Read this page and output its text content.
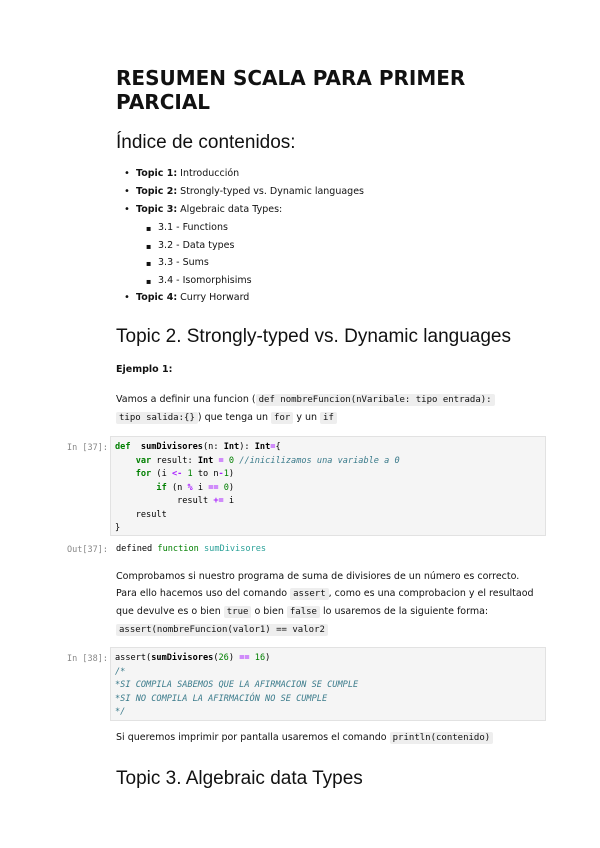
RESUMEN SCALA PARA PRIMER PARCIAL
Índice de contenidos:
• Topic 1: Introducción
• Topic 2: Strongly-typed vs. Dynamic languages
• Topic 3: Algebraic data Types:
▪ 3.1 - Functions
▪ 3.2 - Data types
▪ 3.3 - Sums
▪ 3.4 - Isomorphisims
• Topic 4: Curry Horward
Topic 2. Strongly-typed vs. Dynamic languages
Ejemplo 1:
Vamos a definir una funcion ( def nombreFuncion(nVaribale: tipo entrada):
tipo salida:{} ) que tenga un for y un if
In [37]: def sumDivisores(n: Int): Int={
var result: Int = 0 //inicilizamos una variable a 0
for (i <- 1 to n-1)
if (n % i == 0)
result += i
result
}
Out[37]: defined function sumDivisores
Comprobamos si nuestro programa de suma de divisiores de un número es correcto.
Para ello hacemos uso del comando assert , como es una comprobacion y el resultaod
que devulve es o bien true o bien false lo usaremos de la siguiente forma:
assert(nombreFuncion(valor1) == valor2
In [38]: assert(sumDivisores(26) == 16)
/*
*SI COMPILA SABEMOS QUE LA AFIRMACION SE CUMPLE
*SI NO COMPILA LA AFIRMACIÓN NO SE CUMPLE
*/
Si queremos imprimir por pantalla usaremos el comando println(contenido)
Topic 3. Algebraic data Types
